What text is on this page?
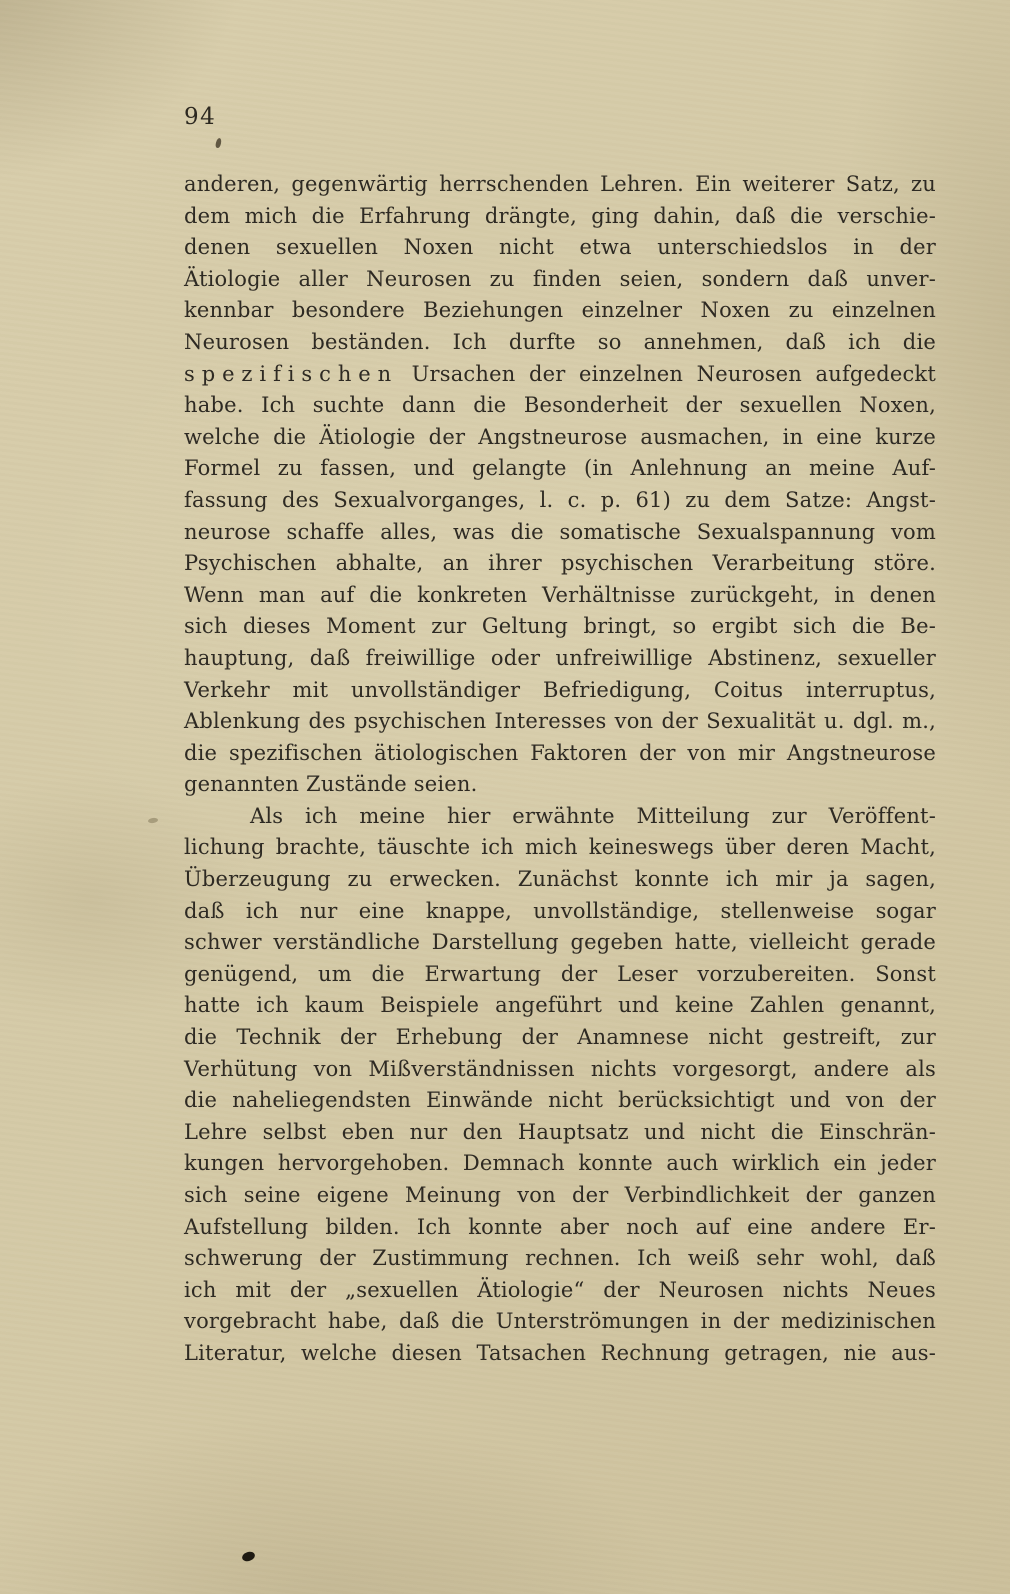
94
anderen, gegenwärtig herrschenden Lehren. Ein weiterer Satz, zu
dem mich die Erfahrung drängte, ging dahin, daß die verschie-
denen sexuellen Noxen nicht etwa unterschiedslos in der
Ätiologie aller Neurosen zu finden seien, sondern daß unver-
kennbar besondere Beziehungen einzelner Noxen zu einzelnen
Neurosen beständen. Ich durfte so annehmen, daß ich die
spezifischen Ursachen der einzelnen Neurosen aufgedeckt
habe. Ich suchte dann die Besonderheit der sexuellen Noxen,
welche die Ätiologie der Angstneurose ausmachen, in eine kurze
Formel zu fassen, und gelangte (in Anlehnung an meine Auf-
fassung des Sexualvorganges, l. c. p. 61) zu dem Satze: Angst-
neurose schaffe alles, was die somatische Sexualspannung vom
Psychischen abhalte, an ihrer psychischen Verarbeitung störe.
Wenn man auf die konkreten Verhältnisse zurückgeht, in denen
sich dieses Moment zur Geltung bringt, so ergibt sich die Be-
hauptung, daß freiwillige oder unfreiwillige Abstinenz, sexueller
Verkehr mit unvollständiger Befriedigung, Coitus interruptus,
Ablenkung des psychischen Interesses von der Sexualität u. dgl. m.,
die spezifischen ätiologischen Faktoren der von mir Angstneurose
genannten Zustände seien.
Als ich meine hier erwähnte Mitteilung zur Veröffent-
lichung brachte, täuschte ich mich keineswegs über deren Macht,
Überzeugung zu erwecken. Zunächst konnte ich mir ja sagen,
daß ich nur eine knappe, unvollständige, stellenweise sogar
schwer verständliche Darstellung gegeben hatte, vielleicht gerade
genügend, um die Erwartung der Leser vorzubereiten. Sonst
hatte ich kaum Beispiele angeführt und keine Zahlen genannt,
die Technik der Erhebung der Anamnese nicht gestreift, zur
Verhütung von Mißverständnissen nichts vorgesorgt, andere als
die naheliegendsten Einwände nicht berücksichtigt und von der
Lehre selbst eben nur den Hauptsatz und nicht die Einschrän-
kungen hervorgehoben. Demnach konnte auch wirklich ein jeder
sich seine eigene Meinung von der Verbindlichkeit der ganzen
Aufstellung bilden. Ich konnte aber noch auf eine andere Er-
schwerung der Zustimmung rechnen. Ich weiß sehr wohl, daß
ich mit der „sexuellen Ätiologie“ der Neurosen nichts Neues
vorgebracht habe, daß die Unterströmungen in der medizinischen
Literatur, welche diesen Tatsachen Rechnung getragen, nie aus-
